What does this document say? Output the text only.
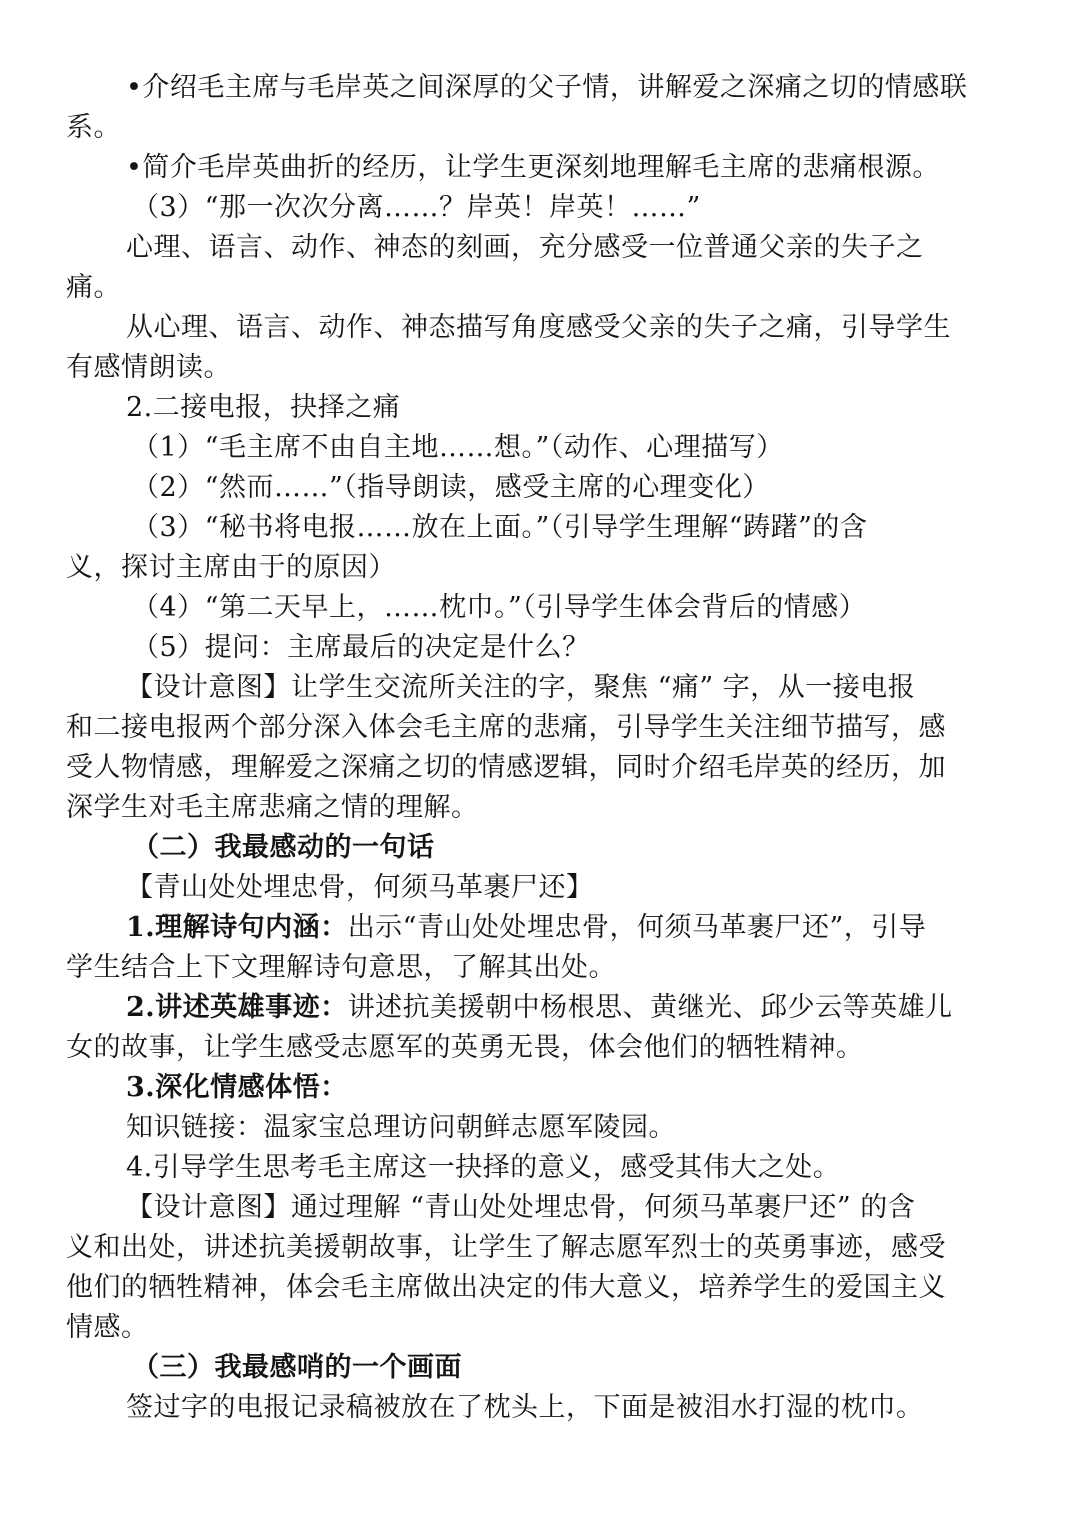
•介绍毛主席与毛岸英之间深厚的父子情，讲解爱之深痛之切的情感联
系。
•简介毛岸英曲折的经历，让学生更深刻地理解毛主席的悲痛根源。
（3）“那一次次分离……？岸英！岸英！……”
心理、语言、动作、神态的刻画，充分感受一位普通父亲的失子之
痛。
从心理、语言、动作、神态描写角度感受父亲的失子之痛，引导学生
有感情朗读。
2.二接电报，抉择之痛
（1）“毛主席不由自主地……想。”（动作、心理描写）
（2）“然而……”（指导朗读，感受主席的心理变化）
（3）“秘书将电报……放在上面。”（引导学生理解“踌躇”的含
义，探讨主席由于的原因）
（4）“第二天早上，……枕巾。”（引导学生体会背后的情感）
（5）提问：主席最后的决定是什么？
【设计意图】让学生交流所关注的字，聚焦 “痛” 字，从一接电报
和二接电报两个部分深入体会毛主席的悲痛，引导学生关注细节描写，感
受人物情感，理解爱之深痛之切的情感逻辑，同时介绍毛岸英的经历，加
深学生对毛主席悲痛之情的理解。
（二）我最感动的一句话
【青山处处埋忠骨，何须马革裹尸还】
1.理解诗句内涵：出示“青山处处埋忠骨，何须马革裹尸还”，引导
学生结合上下文理解诗句意思，了解其出处。
2.讲述英雄事迹：讲述抗美援朝中杨根思、黄继光、邱少云等英雄儿
女的故事，让学生感受志愿军的英勇无畏，体会他们的牺牲精神。
3.深化情感体悟：
知识链接：温家宝总理访问朝鲜志愿军陵园。
4.引导学生思考毛主席这一抉择的意义，感受其伟大之处。
【设计意图】通过理解 “青山处处埋忠骨，何须马革裹尸还” 的含
义和出处，讲述抗美援朝故事，让学生了解志愿军烈士的英勇事迹，感受
他们的牺牲精神，体会毛主席做出决定的伟大意义，培养学生的爱国主义
情感。
（三）我最感哨的一个画面
签过字的电报记录稿被放在了枕头上，下面是被泪水打湿的枕巾。
